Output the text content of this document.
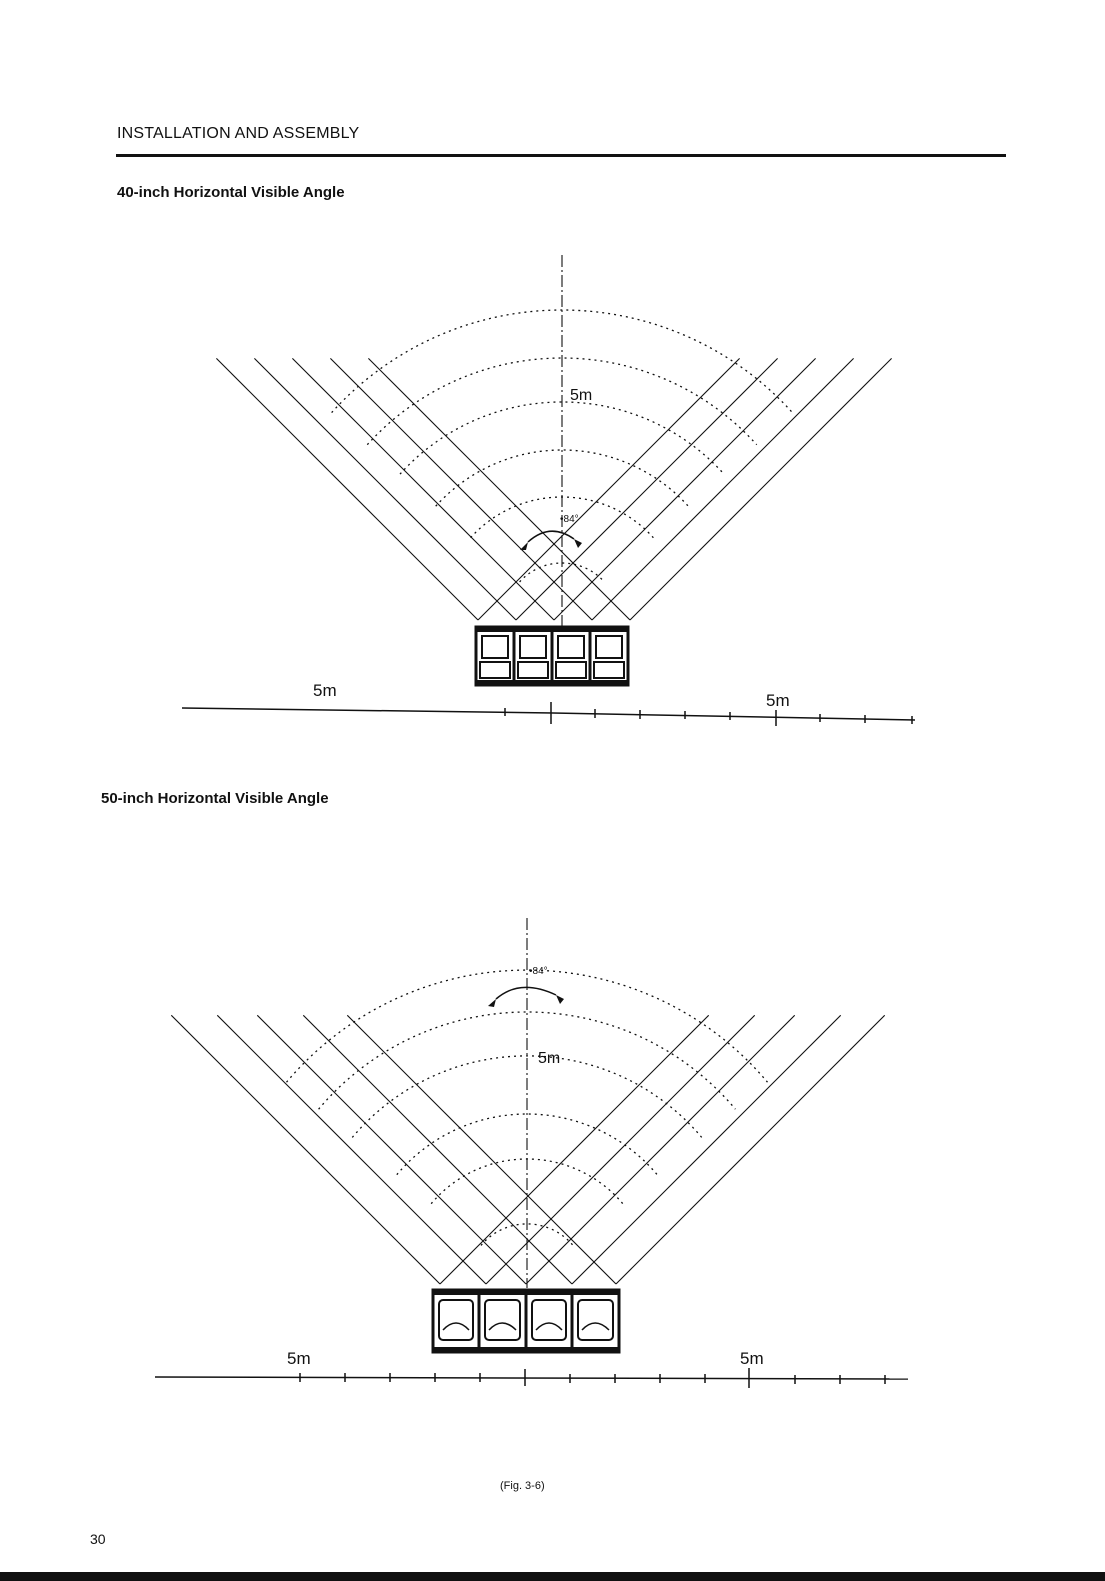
INSTALLATION AND ASSEMBLY
40-inch Horizontal Visible Angle
5m
•84°
5m
5m
50-inch Horizontal Visible Angle
5m
•84°
5m	5m
(Fig. 3-6)
30
